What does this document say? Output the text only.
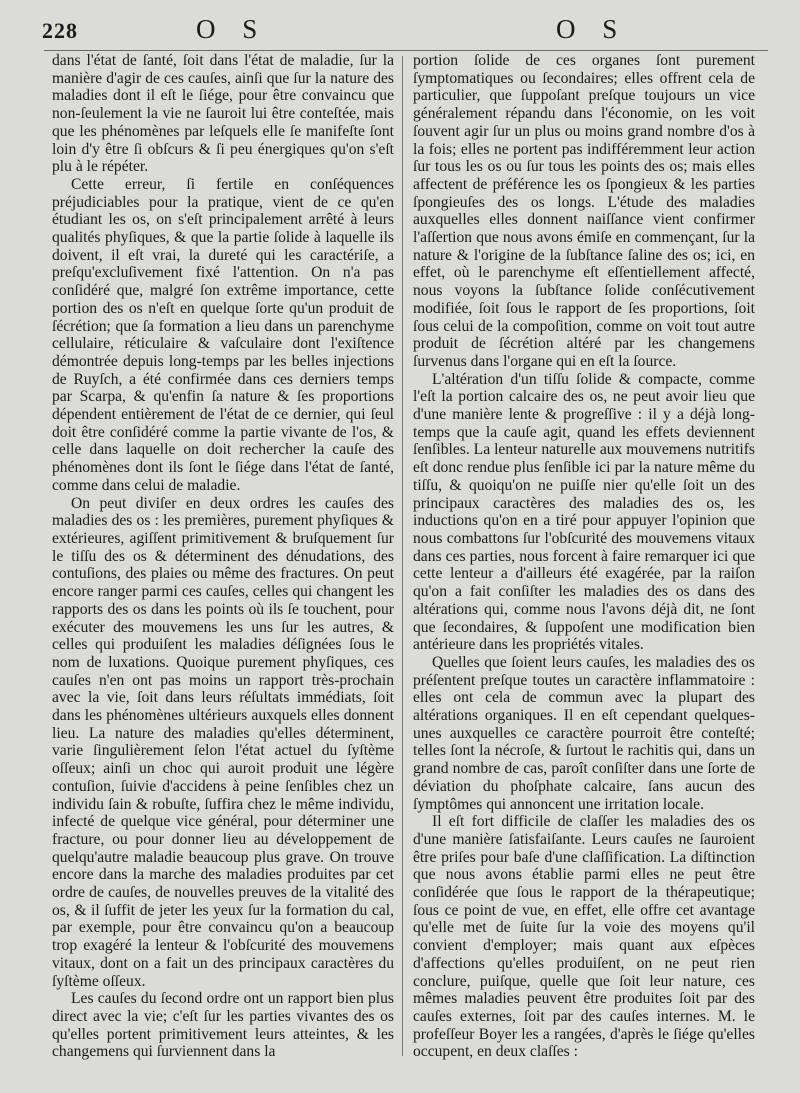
228	O S	O S

dans l'état de ſanté, ſoit dans l'état de maladie, ſur la manière d'agir de ces cauſes, ainſi que ſur la nature des maladies dont il eſt le ſiége, pour être convaincu que non-ſeulement la vie ne ſauroit lui être conteſtée, mais que les phénomènes par leſquels elle ſe manifeſte ſont loin d'y être ſi obſcurs & ſi peu énergiques qu'on s'eſt plu à le répéter.

Cette erreur, ſi fertile en conſéquences préjudiciables pour la pratique, vient de ce qu'en étudiant les os, on s'eſt principalement arrêté à leurs qualités phyſiques, & que la partie ſolide à laquelle ils doivent, il eſt vrai, la dureté qui les caractériſe, a preſqu'excluſivement fixé l'attention. On n'a pas conſidéré que, malgré ſon extrême importance, cette portion des os n'eſt en quelque ſorte qu'un produit de ſécrétion; que ſa formation a lieu dans un parenchyme cellulaire, réticulaire & vaſculaire dont l'exiſtence démontrée depuis long-temps par les belles injections de Ruyſch, a été confirmée dans ces derniers temps par Scarpa, & qu'enfin ſa nature & ſes proportions dépendent entièrement de l'état de ce dernier, qui ſeul doit être conſidéré comme la partie vivante de l'os, & celle dans laquelle on doit rechercher la cauſe des phénomènes dont ils ſont le ſiége dans l'état de ſanté, comme dans celui de maladie.

On peut diviſer en deux ordres les cauſes des maladies des os : les premières, purement phyſiques & extérieures, agiſſent primitivement & bruſquement ſur le tiſſu des os & déterminent des dénudations, des contuſions, des plaies ou même des fractures. On peut encore ranger parmi ces cauſes, celles qui changent les rapports des os dans les points où ils ſe touchent, pour exécuter des mouvemens les uns ſur les autres, & celles qui produiſent les maladies déſignées ſous le nom de luxations. Quoique purement phyſiques, ces cauſes n'en ont pas moins un rapport très-prochain avec la vie, ſoit dans leurs réſultats immédiats, ſoit dans les phénomènes ultérieurs auxquels elles donnent lieu. La nature des maladies qu'elles déterminent, varie ſingulièrement ſelon l'état actuel du ſyſtème oſſeux; ainſi un choc qui auroit produit une légère contuſion, ſuivie d'accidens à peine ſenſibles chez un individu ſain & robuſte, ſuffira chez le même individu, infecté de quelque vice général, pour déterminer une fracture, ou pour donner lieu au développement de quelqu'autre maladie beaucoup plus grave. On trouve encore dans la marche des maladies produites par cet ordre de cauſes, de nouvelles preuves de la vitalité des os, & il ſuffit de jeter les yeux ſur la formation du cal, par exemple, pour être convaincu qu'on a beaucoup trop exagéré la lenteur & l'obſcurité des mouvemens vitaux, dont on a fait un des principaux caractères du ſyſtème oſſeux.

Les cauſes du ſecond ordre ont un rapport bien plus direct avec la vie; c'eſt ſur les parties vivantes des os qu'elles portent primitivement leurs atteintes, & les changemens qui ſurviennent dans la

portion ſolide de ces organes ſont purement ſymptomatiques ou ſecondaires; elles offrent cela de particulier, que ſuppoſant preſque toujours un vice généralement répandu dans l'économie, on les voit ſouvent agir ſur un plus ou moins grand nombre d'os à la fois; elles ne portent pas indifféremment leur action ſur tous les os ou ſur tous les points des os; mais elles affectent de préférence les os ſpongieux & les parties ſpongieuſes des os longs. L'étude des maladies auxquelles elles donnent naiſſance vient confirmer l'aſſertion que nous avons émiſe en commençant, ſur la nature & l'origine de la ſubſtance ſaline des os; ici, en effet, où le parenchyme eſt eſſentiellement affecté, nous voyons la ſubſtance ſolide conſécutivement modifiée, ſoit ſous le rapport de ſes proportions, ſoit ſous celui de la compoſition, comme on voit tout autre produit de ſécrétion altéré par les changemens ſurvenus dans l'organe qui en eſt la ſource.

L'altération d'un tiſſu ſolide & compacte, comme l'eſt la portion calcaire des os, ne peut avoir lieu que d'une manière lente & progreſſive : il y a déjà long-temps que la cauſe agit, quand les effets deviennent ſenſibles. La lenteur naturelle aux mouvemens nutritifs eſt donc rendue plus ſenſible ici par la nature même du tiſſu, & quoiqu'on ne puiſſe nier qu'elle ſoit un des principaux caractères des maladies des os, les inductions qu'on en a tiré pour appuyer l'opinion que nous combattons ſur l'obſcurité des mouvemens vitaux dans ces parties, nous forcent à faire remarquer ici que cette lenteur a d'ailleurs été exagérée, par la raiſon qu'on a fait conſiſter les maladies des os dans des altérations qui, comme nous l'avons déjà dit, ne ſont que ſecondaires, & ſuppoſent une modification bien antérieure dans les propriétés vitales.

Quelles que ſoient leurs cauſes, les maladies des os préſentent preſque toutes un caractère inflammatoire : elles ont cela de commun avec la plupart des altérations organiques. Il en eſt cependant quelques-unes auxquelles ce caractère pourroit être conteſté; telles ſont la nécroſe, & ſurtout le rachitis qui, dans un grand nombre de cas, paroît conſiſter dans une ſorte de déviation du phoſphate calcaire, ſans aucun des ſymptômes qui annoncent une irritation locale.

Il eſt fort difficile de claſſer les maladies des os d'une manière ſatisfaiſante. Leurs cauſes ne ſauroient être priſes pour baſe d'une claſſification. La diſtinction que nous avons établie parmi elles ne peut être conſidérée que ſous le rapport de la thérapeutique; ſous ce point de vue, en effet, elle offre cet avantage qu'elle met de ſuite ſur la voie des moyens qu'il convient d'employer; mais quant aux eſpèces d'affections qu'elles produiſent, on ne peut rien conclure, puiſque, quelle que ſoit leur nature, ces mêmes maladies peuvent être produites ſoit par des cauſes externes, ſoit par des cauſes internes. M. le profeſſeur Boyer les a rangées, d'après le ſiége qu'elles occupent, en deux claſſes :
